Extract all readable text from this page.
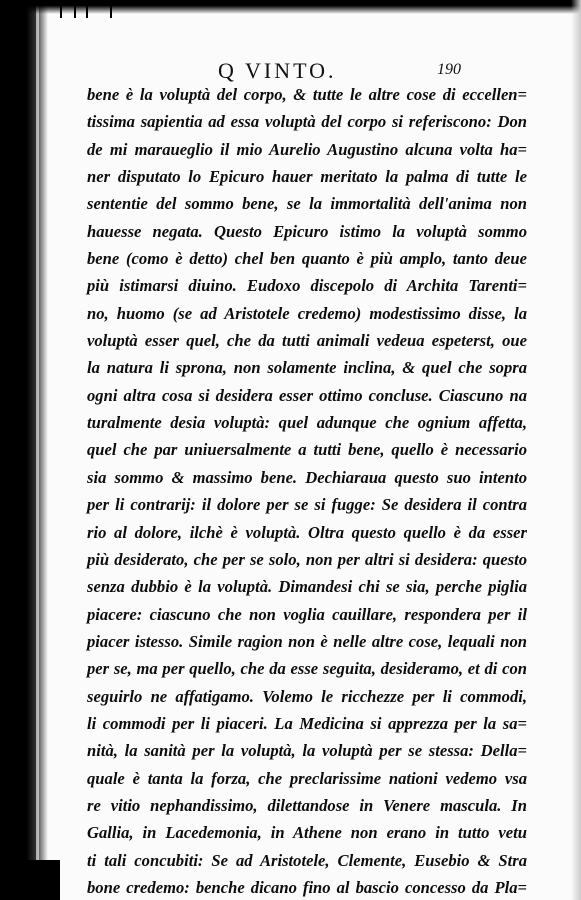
Q VINTO.	190
bene è la voluptà del corpo, & tutte le altre cose di eccellen=
tissima sapientia ad essa voluptà del corpo si referiscono: Don
de mi maraueglio il mio Aurelio Augustino alcuna volta ha=
ner disputato lo Epicuro hauer meritato la palma di tutte le
sententie del sommo bene, se la immortalità dell'anima non
hauesse negata. Questo Epicuro istimo la voluptà sommo
bene (como è detto) chel ben quanto è più amplo, tanto deue
più istimarsi diuino. Eudoxo discepolo di Archita Tarenti=
no, huomo (se ad Aristotele credemo) modestissimo disse, la
voluptà esser quel, che da tutti animali vedeua espeterst, oue
la natura li sprona, non solamente inclina, & quel che sopra
ogni altra cosa si desidera esser ottimo concluse. Ciascuno na
turalmente desia voluptà: quel adunque che ognium affetta,
quel che par uniuersalmente a tutti bene, quello è necessario
sia sommo & massimo bene. Dechiaraua questo suo intento
per li contrarij: il dolore per se si fugge: Se desidera il contra
rio al dolore, ilchè è voluptà. Oltra questo quello è da esser
più desiderato, che per se solo, non per altri si desidera: questo
senza dubbio è la voluptà. Dimandesi chi se sia, perche piglia
piacere: ciascuno che non voglia cauillare, respondera per il
piacer istesso. Simile ragion non è nelle altre cose, lequali non
per se, ma per quello, che da esse seguita, desideramo, et di con
seguirlo ne affatigamo. Volemo le ricchezze per li commodi,
li commodi per li piaceri. La Medicina si apprezza per la sa=
nità, la sanità per la voluptà, la voluptà per se stessa: Della=
quale è tanta la forza, che preclarissime nationi vedemo vsa
re vitio nephandissimo, dilettandose in Venere mascula. In
Gallia, in Lacedemonia, in Athene non erano in tutto vetu
ti tali concubiti: Se ad Aristotele, Clemente, Eusebio & Stra
bone credemo: benche dicano fino al bascio concesso da Pla=
